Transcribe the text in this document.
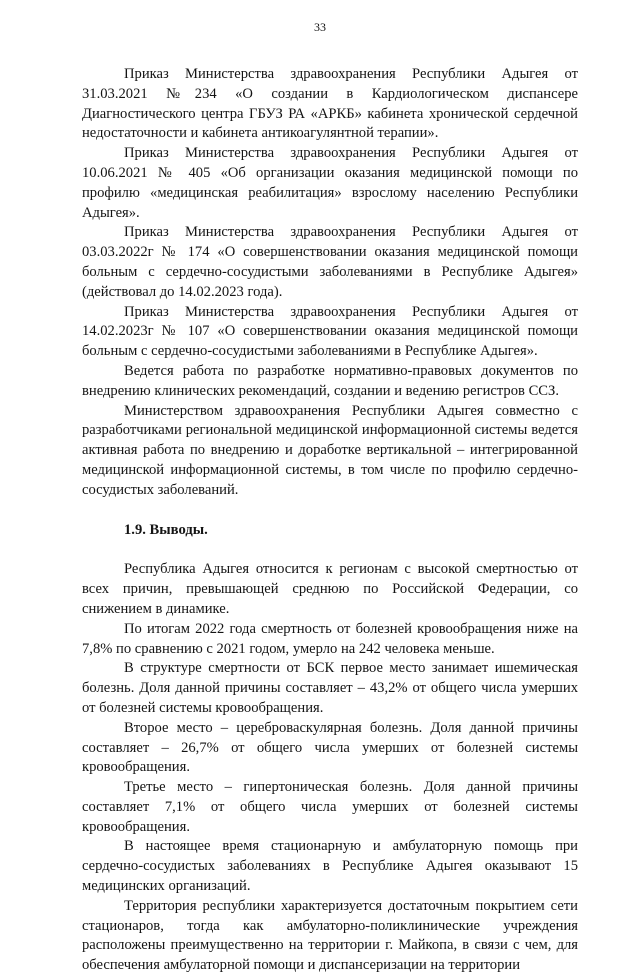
33

Приказ Министерства здравоохранения Республики Адыгея от 31.03.2021 №234 «О создании в Кардиологическом диспансере Диагностического центра ГБУЗ РА «АРКБ» кабинета хронической сердечной недостаточности и кабинета антикоагулянтной терапии».

Приказ Министерства здравоохранения Республики Адыгея от 10.06.2021 № 405 «Об организации оказания медицинской помощи по профилю «медицинская реабилитация» взрослому населению Республики Адыгея».

Приказ Министерства здравоохранения Республики Адыгея от 03.03.2022г № 174 «О совершенствовании оказания медицинской помощи больным с сердечно-сосудистыми заболеваниями в Республике Адыгея» (действовал до 14.02.2023 года).

Приказ Министерства здравоохранения Республики Адыгея от 14.02.2023г № 107 «О совершенствовании оказания медицинской помощи больным с сердечно-сосудистыми заболеваниями в Республике Адыгея».

Ведется работа по разработке нормативно-правовых документов по внедрению клинических рекомендаций, создании и ведению регистров ССЗ.

Министерством здравоохранения Республики Адыгея совместно с разработчиками региональной медицинской информационной системы ведется активная работа по внедрению и доработке вертикальной – интегрированной медицинской информационной системы, в том числе по профилю сердечно-сосудистых заболеваний.

1.9. Выводы.

Республика Адыгея относится к регионам с высокой смертностью от всех причин, превышающей среднюю по Российской Федерации, со снижением в динамике.

По итогам 2022 года смертность от болезней кровообращения ниже на 7,8% по сравнению с 2021 годом, умерло на 242 человека меньше.

В структуре смертности от БСК первое место занимает ишемическая болезнь. Доля данной причины составляет – 43,2% от общего числа умерших от болезней системы кровообращения.

Второе место – цереброваскулярная болезнь. Доля данной причины составляет – 26,7% от общего числа умерших от болезней системы кровообращения.

Третье место – гипертоническая болезнь. Доля данной причины составляет 7,1% от общего числа умерших от болезней системы кровообращения.

В настоящее время стационарную и амбулаторную помощь при сердечно-сосудистых заболеваниях в Республике Адыгея оказывают 15 медицинских организаций.

Территория республики характеризуется достаточным покрытием сети стационаров, тогда как амбулаторно-поликлинические учреждения расположены преимущественно на территории г. Майкопа, в связи с чем, для обеспечения амбулаторной помощи и диспансеризации на территории
